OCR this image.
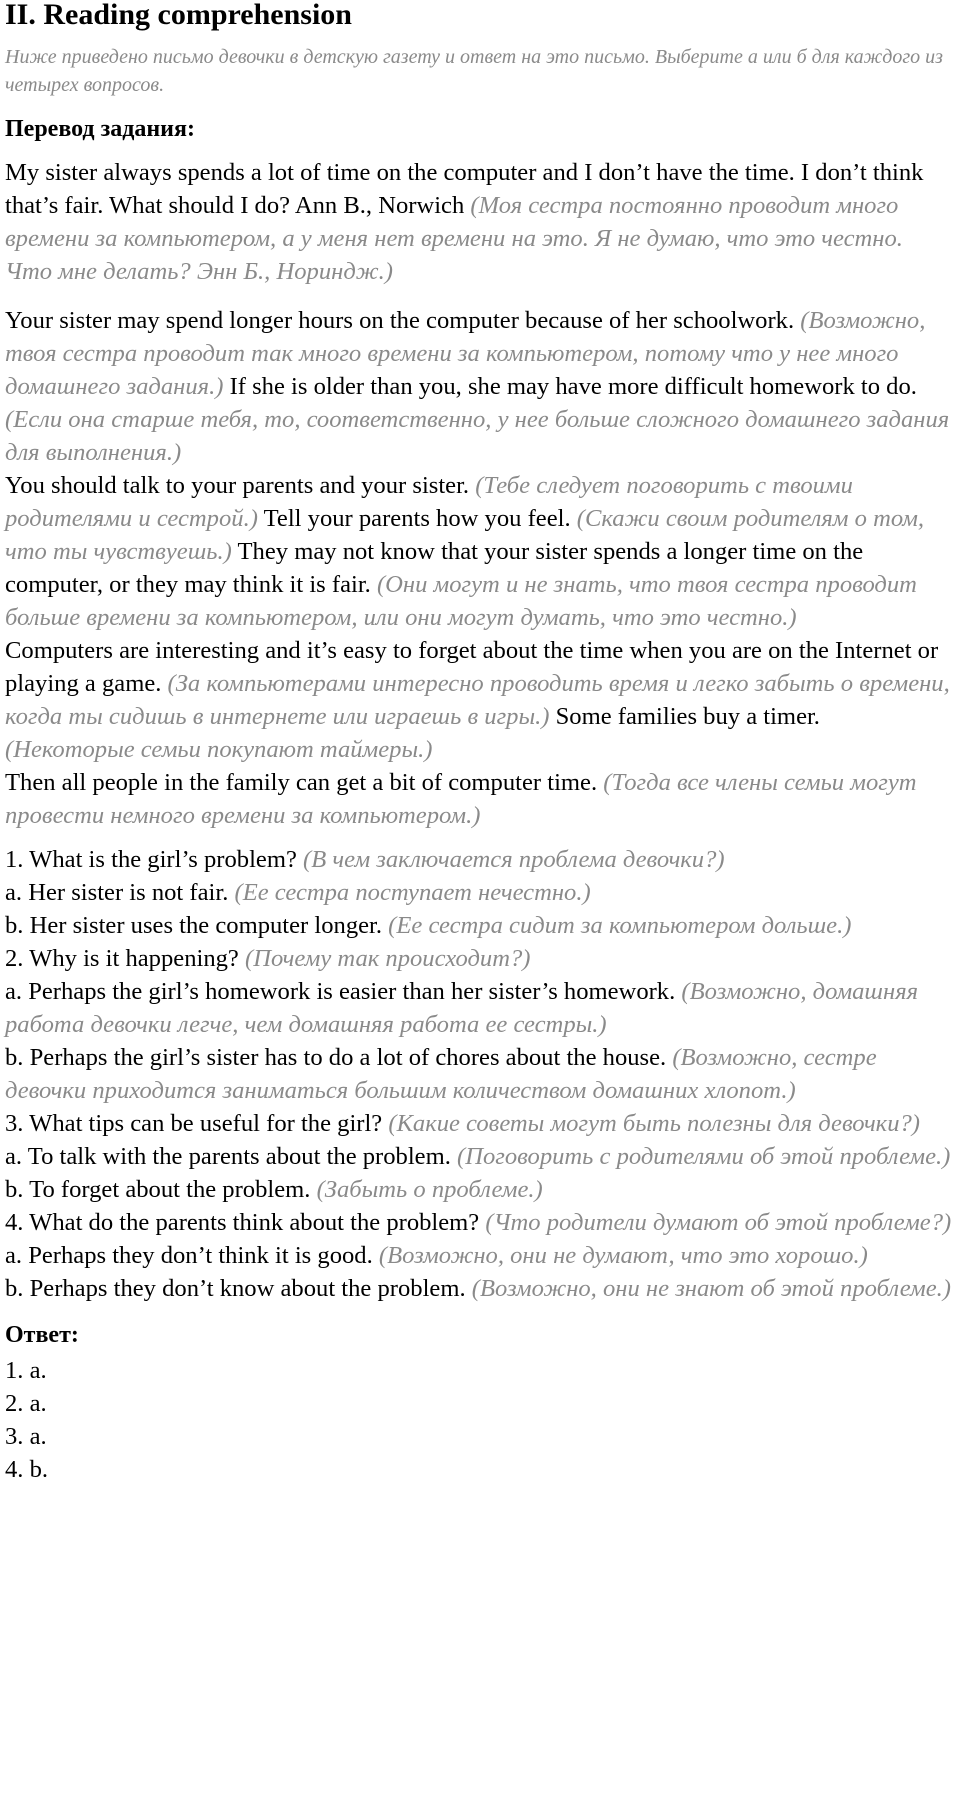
II. Reading comprehension

Ниже приведено письмо девочки в детскую газету и ответ на это письмо. Выберите а или б для каждого из четырех вопросов.

Перевод задания:

My sister always spends a lot of time on the computer and I don’t have the time. I don’t think that’s fair. What should I do? Ann B., Norwich (Моя сестра постоянно проводит много времени за компьютером, а у меня нет времени на это. Я не думаю, что это честно. Что мне делать? Энн Б., Нориндж.)

Your sister may spend longer hours on the computer because of her schoolwork. (Возможно, твоя сестра проводит так много времени за компьютером, потому что у нее много домашнего задания.) If she is older than you, she may have more difficult homework to do. (Если она старше тебя, то, соответственно, у нее больше сложного домашнего задания для выполнения.)

You should talk to your parents and your sister. (Тебе следует поговорить с твоими родителями и сестрой.) Tell your parents how you feel. (Скажи своим родителям о том, что ты чувствуешь.) They may not know that your sister spends a longer time on the computer, or they may think it is fair. (Они могут и не знать, что твоя сестра проводит больше времени за компьютером, или они могут думать, что это честно.)

Computers are interesting and it’s easy to forget about the time when you are on the Internet or playing a game. (За компьютерами интересно проводить время и легко забыть о времени, когда ты сидишь в интернете или играешь в игры.) Some families buy a timer. (Некоторые семьи покупают таймеры.)

Then all people in the family can get a bit of computer time. (Тогда все члены семьи могут провести немного времени за компьютером.)

1. What is the girl’s problem? (В чем заключается проблема девочки?)

a. Her sister is not fair. (Ее сестра поступает нечестно.)

b. Her sister uses the computer longer. (Ее сестра сидит за компьютером дольше.)

2. Why is it happening? (Почему так происходит?)

a. Perhaps the girl’s homework is easier than her sister’s homework. (Возможно, домашняя работа девочки легче, чем домашняя работа ее сестры.)

b. Perhaps the girl’s sister has to do a lot of chores about the house. (Возможно, сестре девочки приходится заниматься большим количеством домашних хлопот.)

3. What tips can be useful for the girl? (Какие советы могут быть полезны для девочки?)

a. To talk with the parents about the problem. (Поговорить с родителями об этой проблеме.)

b. To forget about the problem. (Забыть о проблеме.)

4. What do the parents think about the problem? (Что родители думают об этой проблеме?)

a. Perhaps they don’t think it is good. (Возможно, они не думают, что это хорошо.)

b. Perhaps they don’t know about the problem. (Возможно, они не знают об этой проблеме.)

Ответ:

1. a.
2. a.
3. a.
4. b.
